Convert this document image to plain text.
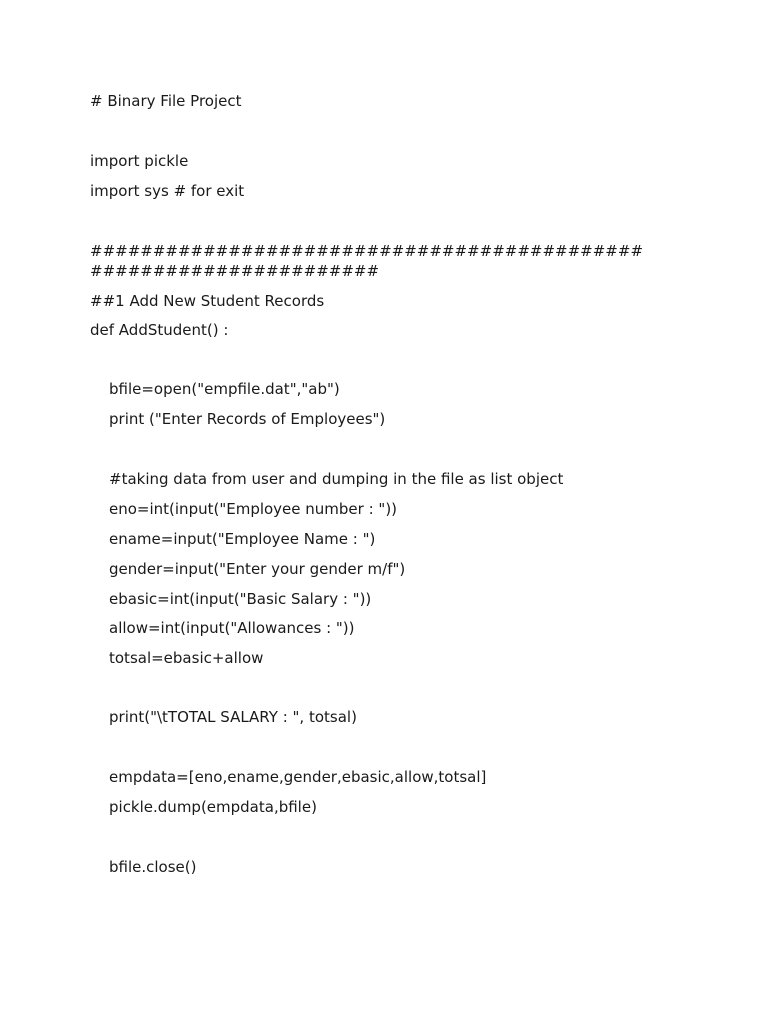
# Binary File Project
import pickle
import sys # for exit
############################################
#######################
##1 Add New Student Records
def AddStudent() :
bfile=open("empfile.dat","ab")
print ("Enter Records of Employees")
#taking data from user and dumping in the file as list object
eno=int(input("Employee number : "))
ename=input("Employee Name : ")
gender=input("Enter your gender m/f")
ebasic=int(input("Basic Salary : "))
allow=int(input("Allowances : "))
totsal=ebasic+allow
print("\tTOTAL SALARY : ", totsal)
empdata=[eno,ename,gender,ebasic,allow,totsal]
pickle.dump(empdata,bfile)
bfile.close()
